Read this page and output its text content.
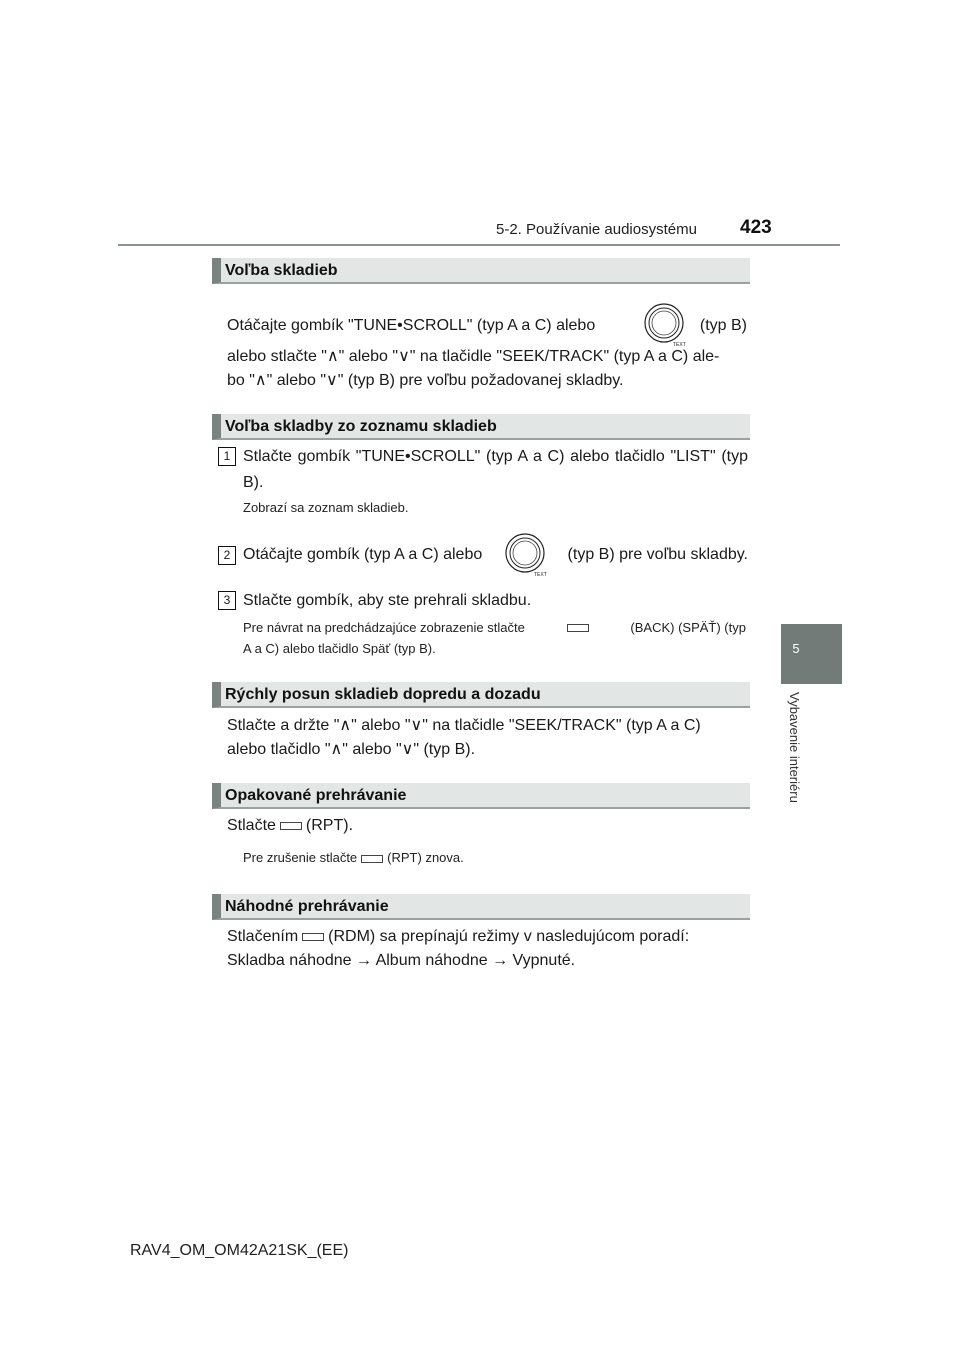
5-2. Používanie audiosystému 423
5
Vybavenie interiéru
Voľba skladieb
Otáčajte gombík "TUNE•SCROLL" (typ A a C) alebo
TEXT
(typ B)
alebo stlačte "∧" alebo "∨" na tlačidle "SEEK/TRACK" (typ A a C) ale-
bo "∧" alebo "∨" (typ B) pre voľbu požadovanej skladby.
Voľba skladby zo zoznamu skladieb
1 Stlačte gombík "TUNE•SCROLL" (typ A a C) alebo tlačidlo "LIST" (typ B).
Zobrazí sa zoznam skladieb.
2 Otáčajte gombík (typ A a C) alebo
TEXT
(typ B) pre voľbu skladby.
3 Stlačte gombík, aby ste prehrali skladbu.
Pre návrat na predchádzajúce zobrazenie stlačte	(BACK) (SPÄŤ) (typ
A a C) alebo tlačidlo Späť (typ B).
Rýchly posun skladieb dopredu a dozadu
Stlačte a držte "∧" alebo "∨" na tlačidle "SEEK/TRACK" (typ A a C)
alebo tlačidlo "∧" alebo "∨" (typ B).
Opakované prehrávanie
Stlačte (RPT).
Pre zrušenie stlačte (RPT) znova.
Náhodné prehrávanie
Stlačením (RDM) sa prepínajú režimy v nasledujúcom poradí:
Skladba náhodne → Album náhodne → Vypnuté.
RAV4_OM_OM42A21SK_(EE)
